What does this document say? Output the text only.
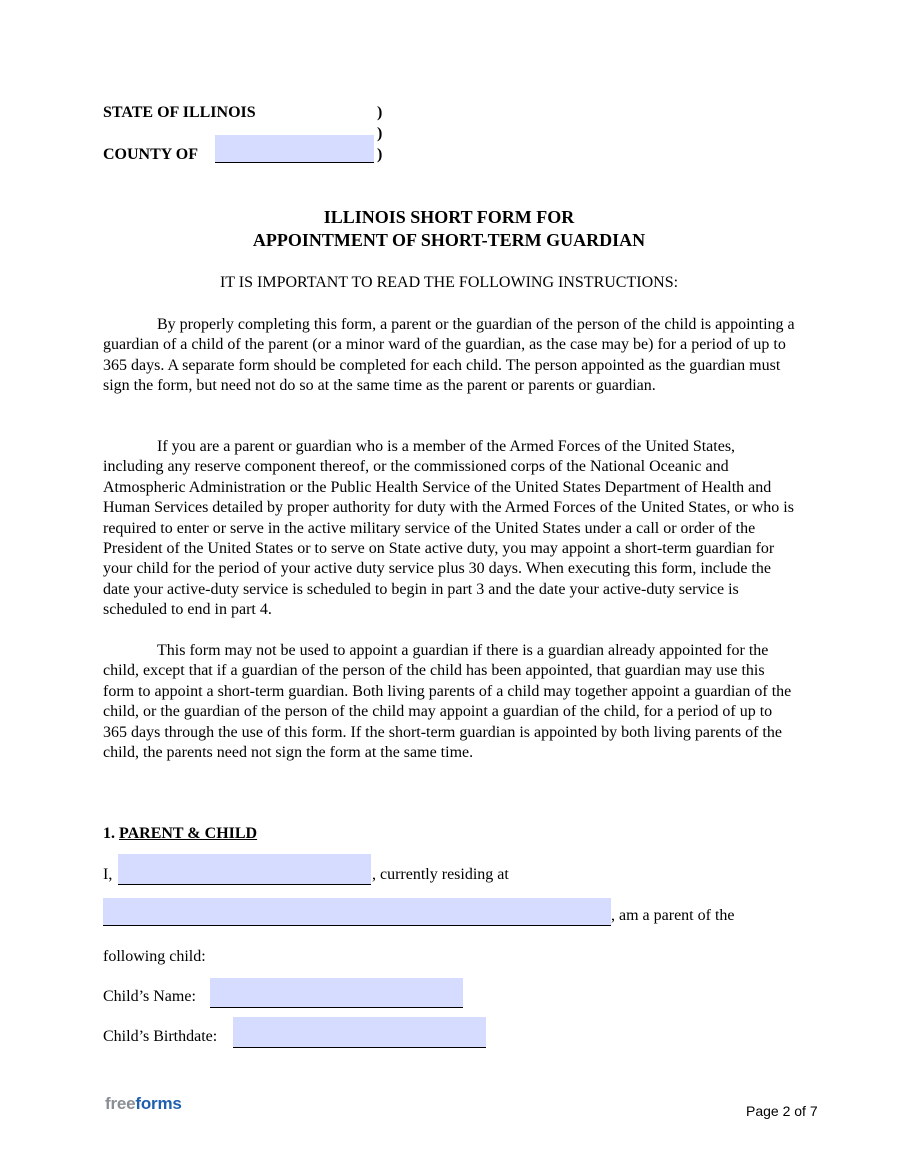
STATE OF ILLINOIS	)
)
COUNTY OF	)
ILLINOIS SHORT FORM FOR
APPOINTMENT OF SHORT-TERM GUARDIAN
IT IS IMPORTANT TO READ THE FOLLOWING INSTRUCTIONS:

By properly completing this form, a parent or the guardian of the person of the child is appointing a guardian of a child of the parent (or a minor ward of the guardian, as the case may be) for a period of up to 365 days. A separate form should be completed for each child. The person appointed as the guardian must sign the form, but need not do so at the same time as the parent or parents or guardian.

If you are a parent or guardian who is a member of the Armed Forces of the United States, including any reserve component thereof, or the commissioned corps of the National Oceanic and Atmospheric Administration or the Public Health Service of the United States Department of Health and Human Services detailed by proper authority for duty with the Armed Forces of the United States, or who is required to enter or serve in the active military service of the United States under a call or order of the President of the United States or to serve on State active duty, you may appoint a short-term guardian for your child for the period of your active duty service plus 30 days. When executing this form, include the date your active-duty service is scheduled to begin in part 3 and the date your active-duty service is scheduled to end in part 4.

This form may not be used to appoint a guardian if there is a guardian already appointed for the child, except that if a guardian of the person of the child has been appointed, that guardian may use this form to appoint a short-term guardian. Both living parents of a child may together appoint a guardian of the child, or the guardian of the person of the child may appoint a guardian of the child, for a period of up to 365 days through the use of this form. If the short-term guardian is appointed by both living parents of the child, the parents need not sign the form at the same time.

1. PARENT & CHILD
I,	, currently residing at
, am a parent of the
following child:
Child’s Name:
Child’s Birthdate:
freeforms	Page 2 of 7
